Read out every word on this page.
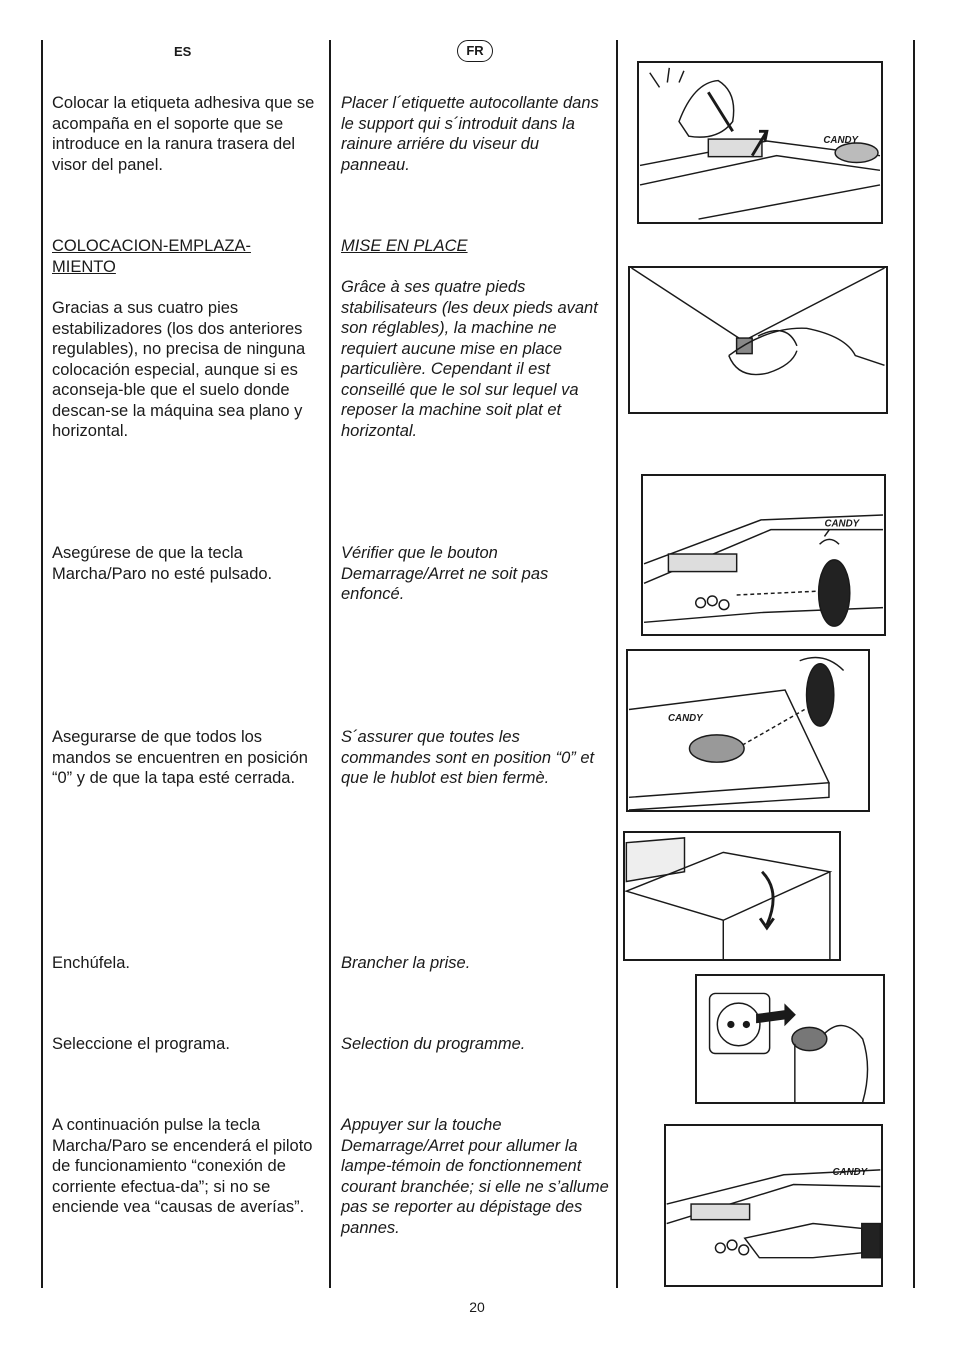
ES	FR

Colocar la etiqueta adhesiva que se acompaña en el soporte que se introduce en la ranura trasera del visor del panel.

COLOCACION-EMPLAZA-MIENTO

Gracias a sus cuatro pies estabilizadores (los dos anteriores regulables), no precisa de ninguna colocación especial, aunque si es aconseja-ble que el suelo donde descan-se la máquina sea plano y horizontal.

Asegúrese de que la tecla Marcha/Paro no esté pulsado.

Asegurarse de que todos los mandos se encuentren en posición “0” y de que la tapa esté cerrada.

Enchúfela.

Seleccione el programa.

A continuación pulse la tecla Marcha/Paro se encenderá el piloto de funcionamiento “conexión de corriente efectua-da”; si no se enciende vea “causas de averías”.

Placer l´etiquette autocollante dans le support qui s´introduit dans la rainure arriére du viseur du panneau.

MISE EN PLACE

Grâce à ses quatre pieds stabilisateurs (les deux pieds avant son réglables), la machine ne requiert aucune mise en place particulière. Cependant il est conseillé que le sol sur lequel va reposer la machine soit plat et horizontal.

Vérifier que le bouton Demarrage/Arret ne soit pas enfoncé.

S´assurer que toutes les commandes sont en position “0” et que le hublot est bien fermè.

Brancher la prise.

Selection du programme.

Appuyer sur la touche Demarrage/Arret pour allumer la lampe-témoin de fonctionnement courant branchée; si elle ne s’allume pas se reporter au dépistage des pannes.

CANDY
CANDY
CANDY
CANDY
20
